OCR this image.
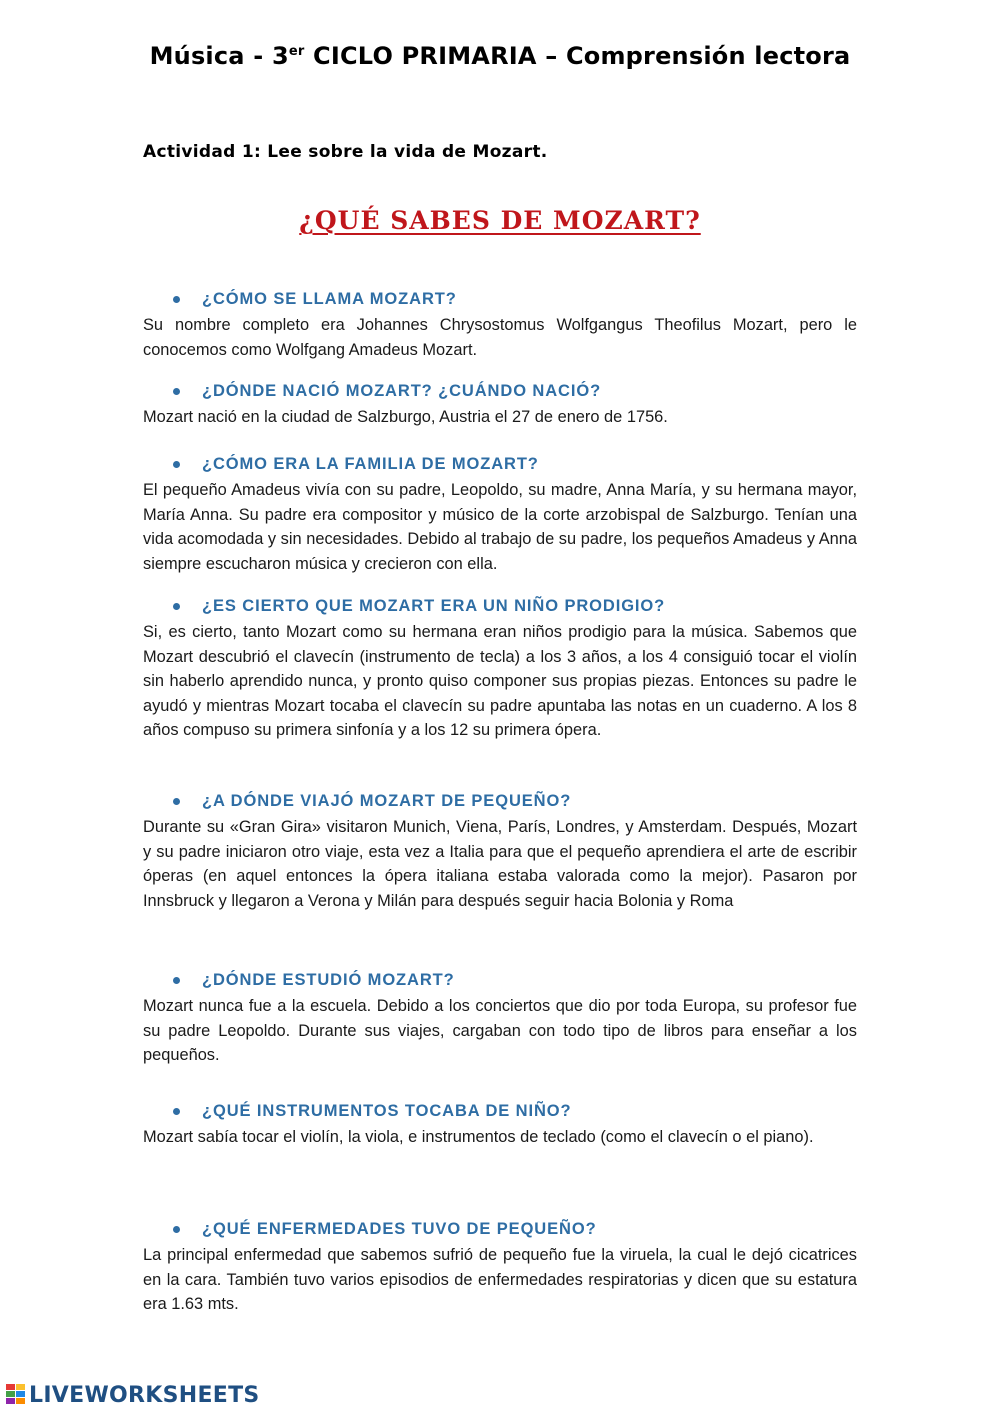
Música - 3er CICLO PRIMARIA – Comprensión lectora
Actividad 1: Lee sobre la vida de Mozart.
¿QUÉ SABES DE MOZART?
¿CÓMO SE LLAMA MOZART?
Su nombre completo era Johannes Chrysostomus Wolfgangus Theofilus Mozart, pero le conocemos como Wolfgang Amadeus Mozart.
¿DÓNDE NACIÓ MOZART? ¿CUÁNDO NACIÓ?
Mozart nació en la ciudad de Salzburgo, Austria el 27 de enero de 1756.
¿CÓMO ERA LA FAMILIA DE MOZART?
El pequeño Amadeus vivía con su padre, Leopoldo, su madre, Anna María, y su hermana mayor, María Anna. Su padre era compositor y músico de la corte arzobispal de Salzburgo. Tenían una vida acomodada y sin necesidades. Debido al trabajo de su padre, los pequeños Amadeus y Anna siempre escucharon música y crecieron con ella.
¿ES CIERTO QUE MOZART ERA UN NIÑO PRODIGIO?
Si, es cierto, tanto Mozart como su hermana eran niños prodigio para la música. Sabemos que Mozart descubrió el clavecín (instrumento de tecla) a los 3 años, a los 4 consiguió tocar el violín sin haberlo aprendido nunca, y pronto quiso componer sus propias piezas. Entonces su padre le ayudó y mientras Mozart tocaba el clavecín su padre apuntaba las notas en un cuaderno. A los 8 años compuso su primera sinfonía y a los 12 su primera ópera.
¿A DÓNDE VIAJÓ MOZART DE PEQUEÑO?
Durante su «Gran Gira» visitaron Munich, Viena, París, Londres, y Amsterdam. Después, Mozart y su padre iniciaron otro viaje, esta vez a Italia para que el pequeño aprendiera el arte de escribir óperas (en aquel entonces la ópera italiana estaba valorada como la mejor). Pasaron por Innsbruck y llegaron a Verona y Milán para después seguir hacia Bolonia y Roma
¿DÓNDE ESTUDIÓ MOZART?
Mozart nunca fue a la escuela. Debido a los conciertos que dio por toda Europa, su profesor fue su padre Leopoldo. Durante sus viajes, cargaban con todo tipo de libros para enseñar a los pequeños.
¿QUÉ INSTRUMENTOS TOCABA DE NIÑO?
Mozart sabía tocar el violín, la viola, e instrumentos de teclado (como el clavecín o el piano).
¿QUÉ ENFERMEDADES TUVO DE PEQUEÑO?
La principal enfermedad que sabemos sufrió de pequeño fue la viruela, la cual le dejó cicatrices en la cara. También tuvo varios episodios de enfermedades respiratorias y dicen que su estatura era 1.63 mts.
LIVEWORKSHEETS
